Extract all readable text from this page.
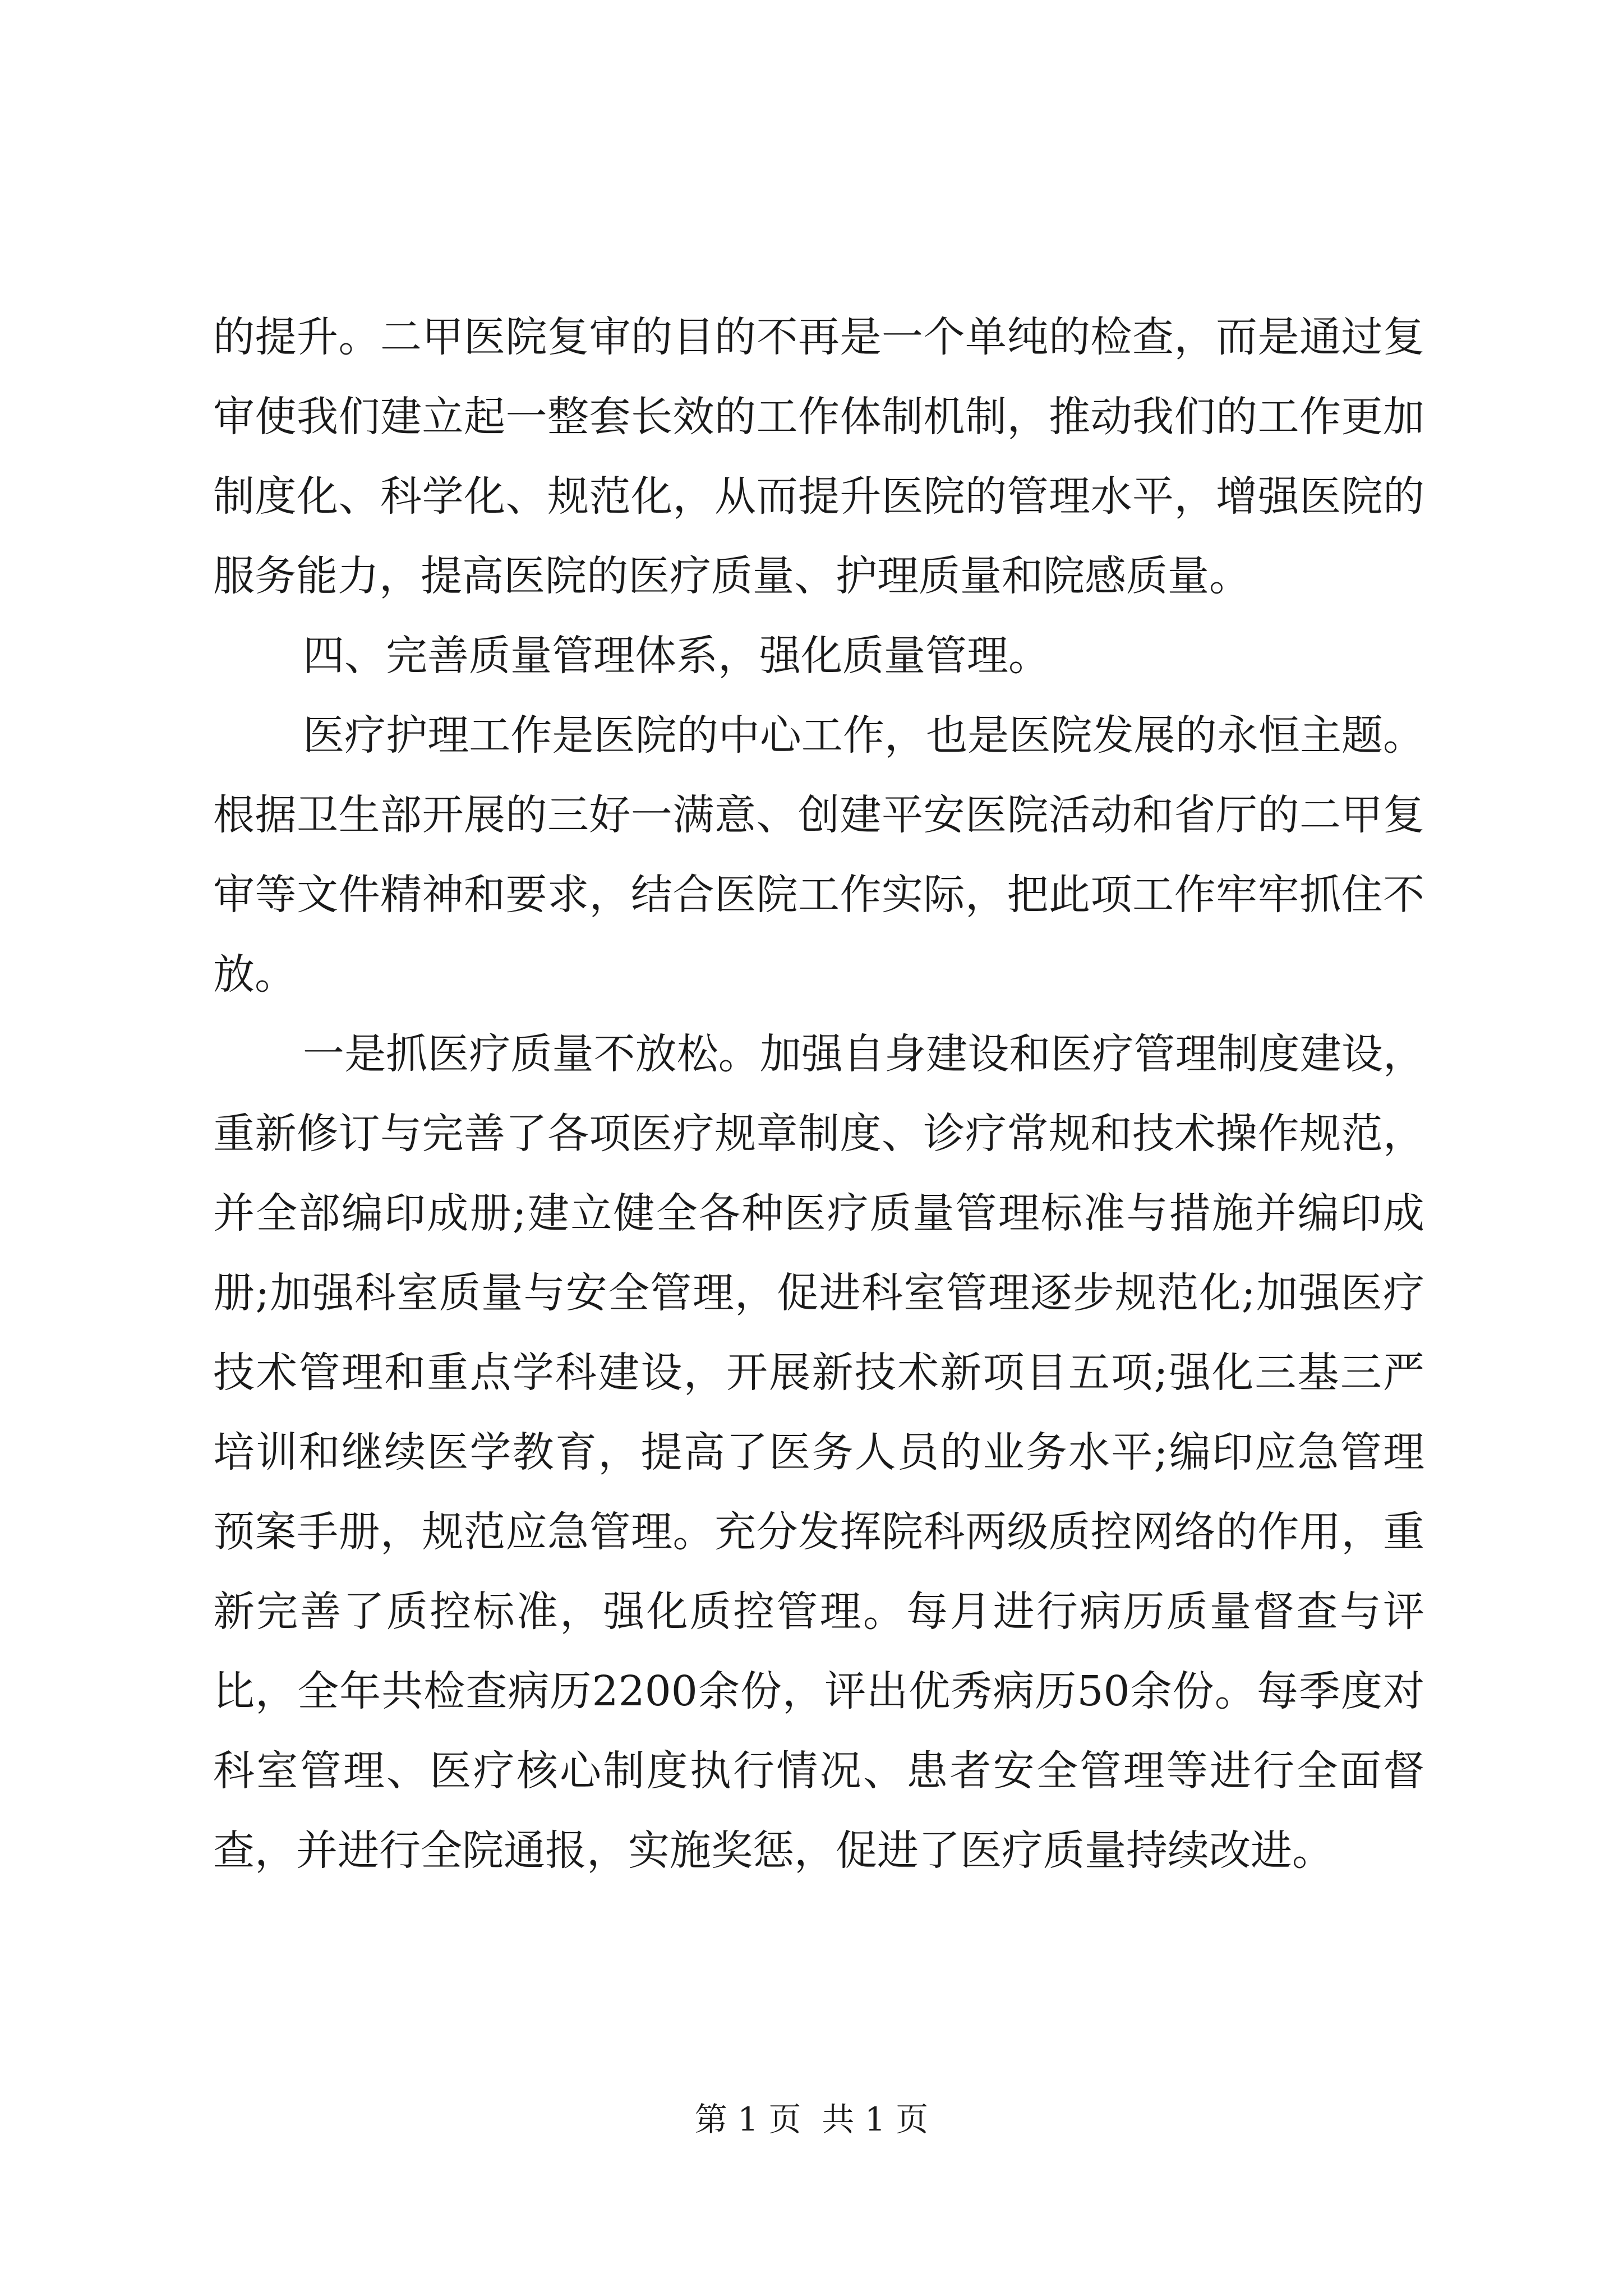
的提升。二甲医院复审的目的不再是一个单纯的检查，而是通过复审使我们建立起一整套长效的工作体制机制，推动我们的工作更加制度化、科学化、规范化，从而提升医院的管理水平，增强医院的服务能力，提高医院的医疗质量、护理质量和院感质量。

四、完善质量管理体系，强化质量管理。

医疗护理工作是医院的中心工作，也是医院发展的永恒主题。根据卫生部开展的三好一满意、创建平安医院活动和省厅的二甲复审等文件精神和要求，结合医院工作实际，把此项工作牢牢抓住不放。

一是抓医疗质量不放松。加强自身建设和医疗管理制度建设，重新修订与完善了各项医疗规章制度、诊疗常规和技术操作规范，并全部编印成册;建立健全各种医疗质量管理标准与措施并编印成册;加强科室质量与安全管理，促进科室管理逐步规范化;加强医疗技术管理和重点学科建设，开展新技术新项目五项;强化三基三严培训和继续医学教育，提高了医务人员的业务水平;编印应急管理预案手册，规范应急管理。充分发挥院科两级质控网络的作用，重新完善了质控标准，强化质控管理。每月进行病历质量督查与评比，全年共检查病历2200余份，评出优秀病历50余份。每季度对科室管理、医疗核心制度执行情况、患者安全管理等进行全面督查，并进行全院通报，实施奖惩，促进了医疗质量持续改进。

第 1 页  共 1 页
